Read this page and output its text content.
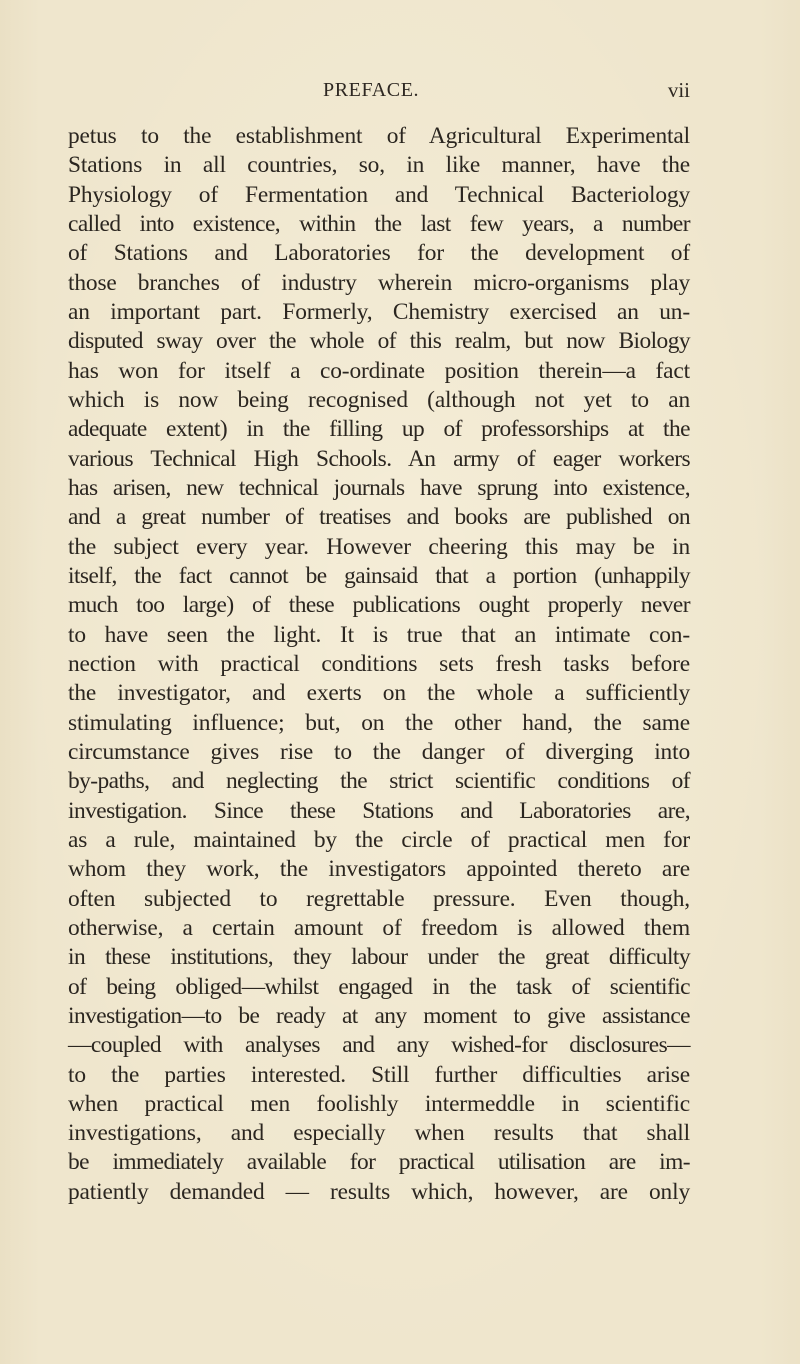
PREFACE.	vii
petus to the establishment of Agricultural Experimental
Stations in all countries, so, in like manner, have the
Physiology of Fermentation and Technical Bacteriology
called into existence, within the last few years, a number
of Stations and Laboratories for the development of
those branches of industry wherein micro-organisms play
an important part. Formerly, Chemistry exercised an un-
disputed sway over the whole of this realm, but now Biology
has won for itself a co-ordinate position therein—a fact
which is now being recognised (although not yet to an
adequate extent) in the filling up of professorships at the
various Technical High Schools. An army of eager workers
has arisen, new technical journals have sprung into existence,
and a great number of treatises and books are published on
the subject every year. However cheering this may be in
itself, the fact cannot be gainsaid that a portion (unhappily
much too large) of these publications ought properly never
to have seen the light. It is true that an intimate con-
nection with practical conditions sets fresh tasks before
the investigator, and exerts on the whole a sufficiently
stimulating influence; but, on the other hand, the same
circumstance gives rise to the danger of diverging into
by-paths, and neglecting the strict scientific conditions of
investigation. Since these Stations and Laboratories are,
as a rule, maintained by the circle of practical men for
whom they work, the investigators appointed thereto are
often subjected to regrettable pressure. Even though,
otherwise, a certain amount of freedom is allowed them
in these institutions, they labour under the great difficulty
of being obliged—whilst engaged in the task of scientific
investigation—to be ready at any moment to give assistance
—coupled with analyses and any wished-for disclosures—
to the parties interested. Still further difficulties arise
when practical men foolishly intermeddle in scientific
investigations, and especially when results that shall
be immediately available for practical utilisation are im-
patiently demanded — results which, however, are only
